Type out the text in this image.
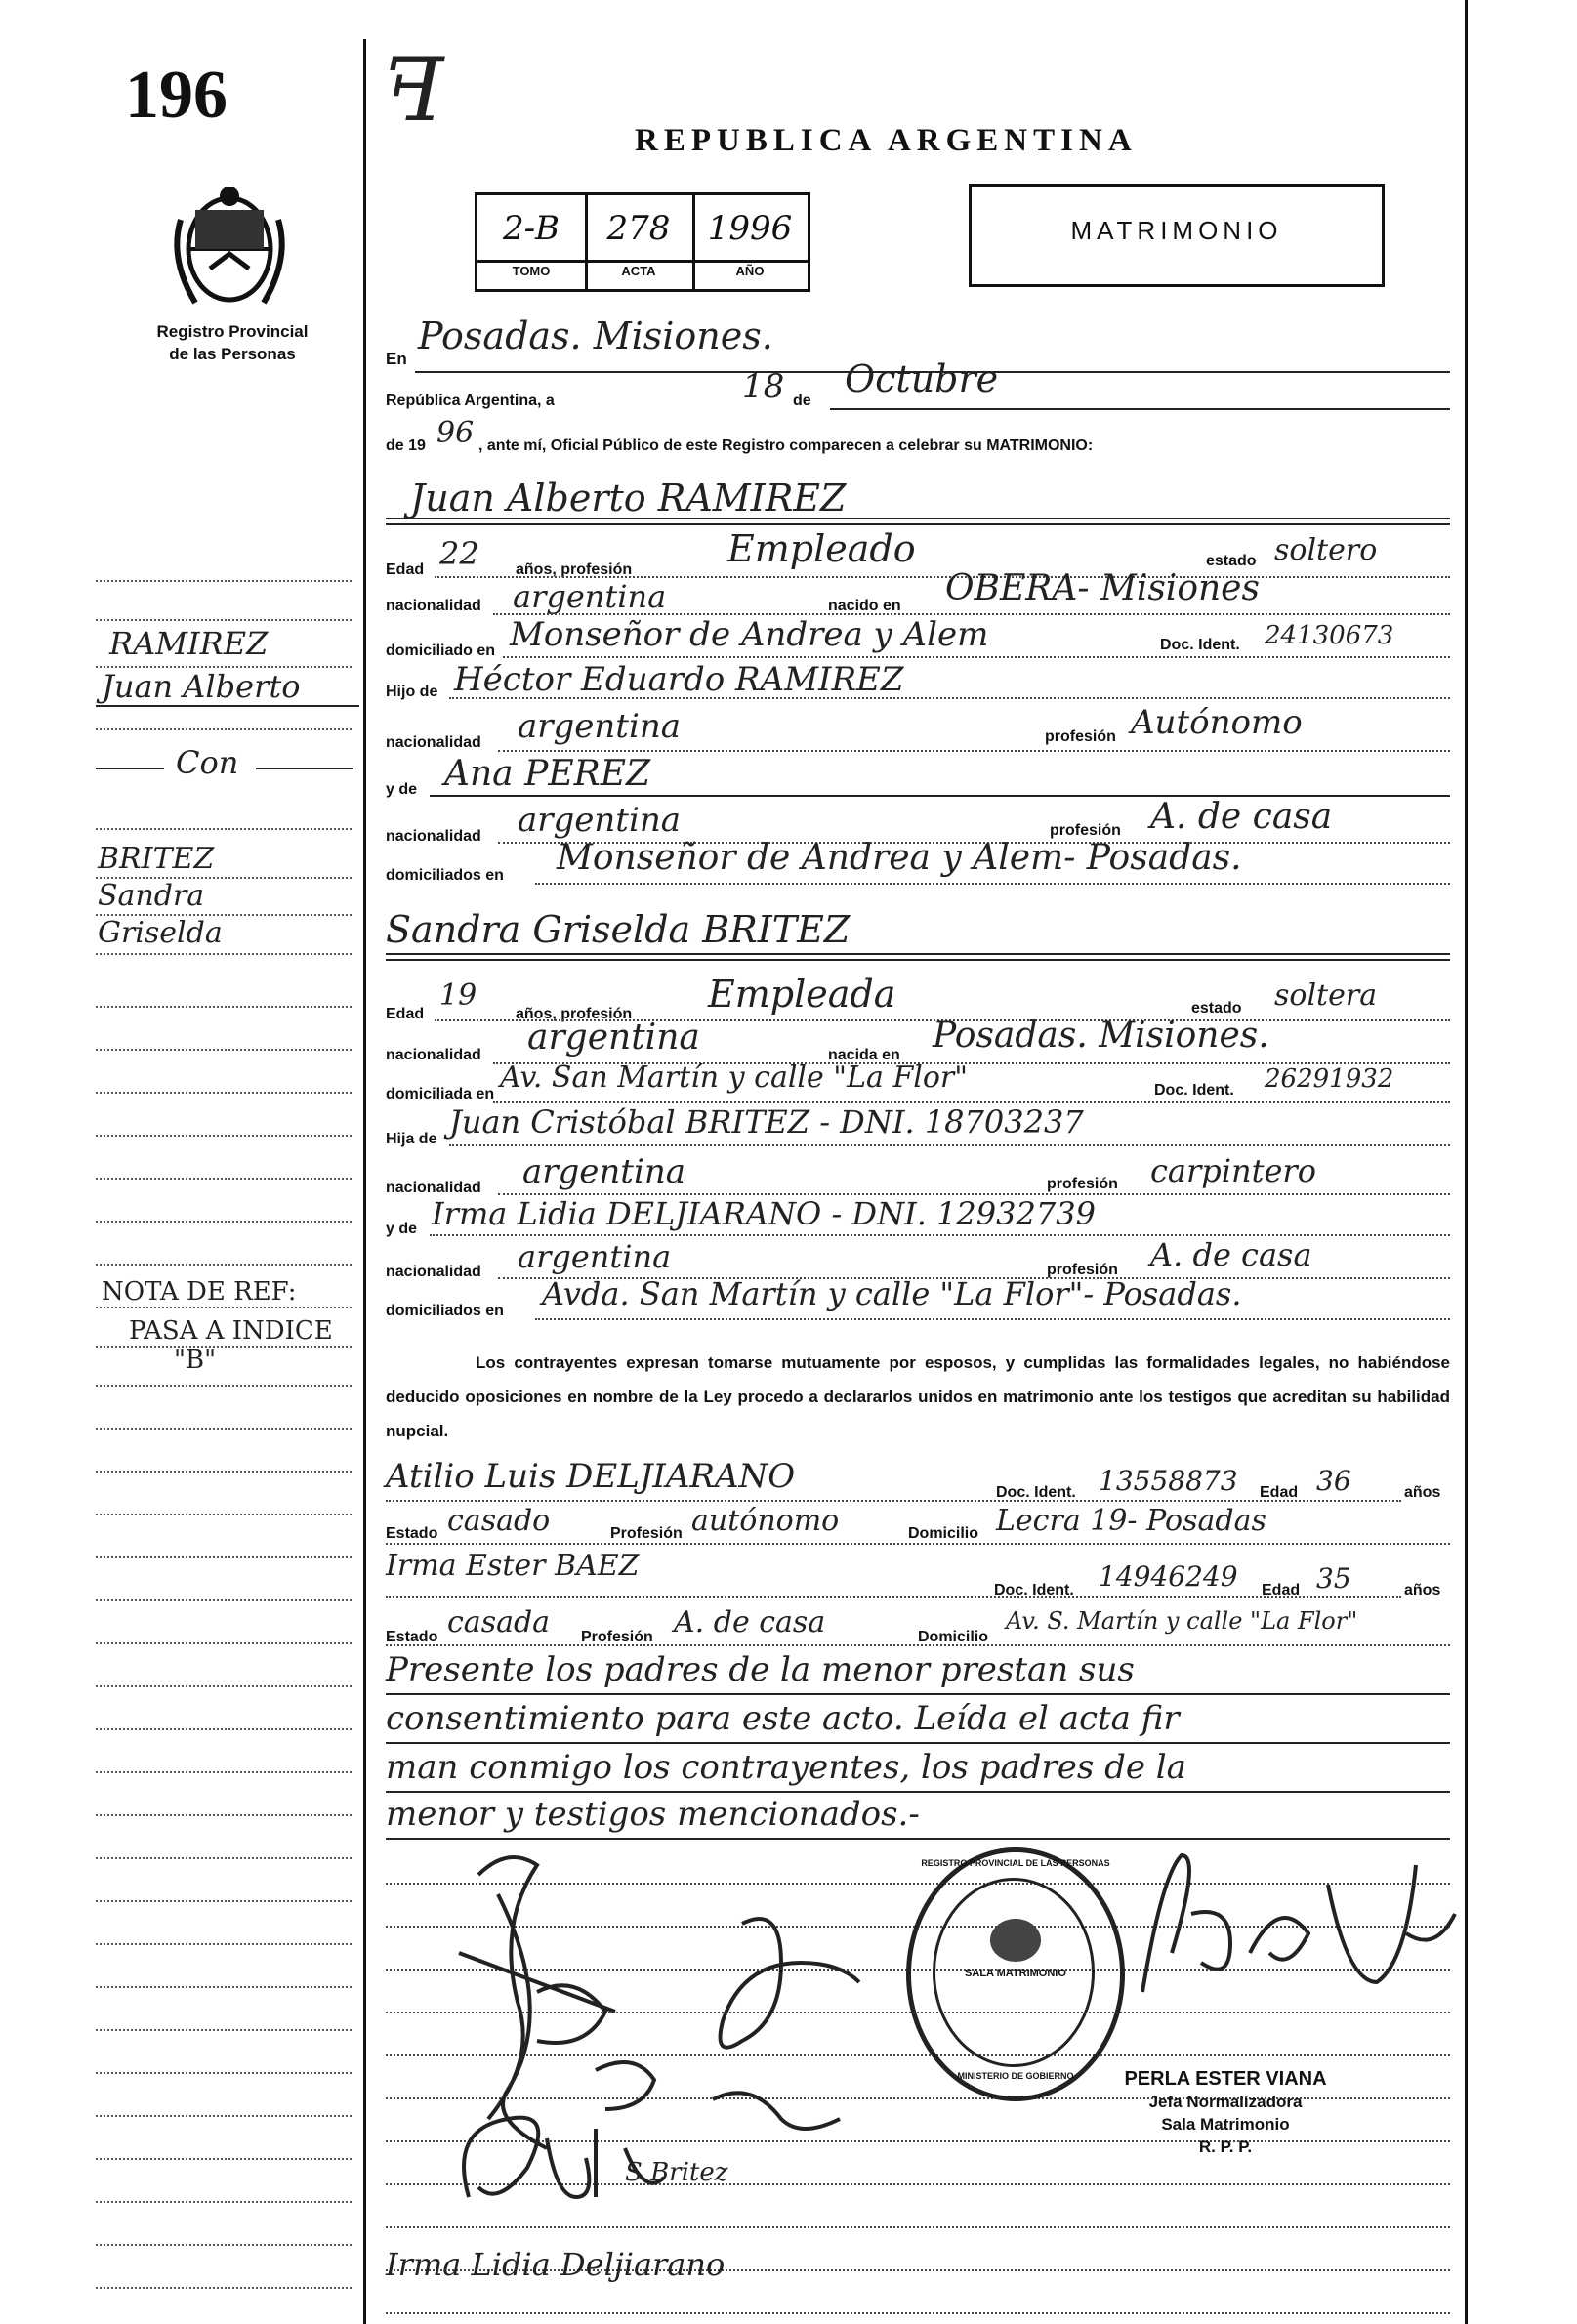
196
Registro Provincial
de las Personas
ꟻ	REPUBLICA ARGENTINA
2-B	278	1996
TOMO	ACTA	AÑO
MATRIMONIO
En
Posadas. Misiones.
República Argentina, a	18 de
Octubre
de 19 96 , ante mí, Oficial Público de este Registro comparecen a celebrar su MATRIMONIO:
Juan Alberto RAMIREZ
Edad 22 años, profesión	Empleado	estado soltero
nacionalidad argentina	nacido en OBERA- Misiones
domiciliado en Monseñor de Andrea y Alem	Doc. Ident. 24130673
Hijo de Héctor Eduardo RAMIREZ
nacionalidad argentina	profesión Autónomo
y de Ana PEREZ
nacionalidad argentina	profesión A. de casa
domiciliados en Monseñor de Andrea y Alem- Posadas.
Sandra Griselda BRITEZ
Edad
19
años, profesión Empleada	estado soltera
nacionalidad argentina	nacida en Posadas. Misiones.
domiciliada en Av. San Martín y calle "La Flor"	Doc. Ident. 26291932
Hija de Juan Cristóbal BRITEZ - DNI. 18703237
nacionalidad argentina	profesión carpintero
y de Irma Lidia DELJIARANO - DNI. 12932739
nacionalidad argentina	profesión A. de casa
domiciliados en Avda. San Martín y calle "La Flor"- Posadas.
Los contrayentes expresan tomarse mutuamente por esposos, y cumplidas las formalidades legales, no habiéndose deducido oposiciones en nombre de la Ley procedo a declararlos unidos en matrimonio ante los testigos que acreditan su habilidad nupcial.
Atilio Luis DELJIARANO	Doc. Ident. 13558873 Edad 36	años
Estado casado	Profesión autónomo	Domicilio Lecra 19- Posadas
Irma Ester BAEZ
Doc. Ident. 14946249 Edad 35	años
Estado casada Profesión A. de casa	Domicilio
Av. S. Martín y calle "La Flor"
Presente los padres de la menor prestan sus
consentimiento para este acto. Leída el acta fir
man conmigo los contrayentes, los padres de la
menor y testigos mencionados.-
S Britez
Irma Lidia Deljiarano
REGISTRO PROVINCIAL DE LAS PERSONAS
SALA MATRIMONIO
MINISTERIO DE GOBIERNO	PERLA ESTER VIANA
Jefa Normalizadora
Sala Matrimonio
R. P. P.
RAMIREZ
Juan Alberto
Con
BRITEZ
Sandra
Griselda
NOTA DE REF:
PASA A INDICE
"B"
